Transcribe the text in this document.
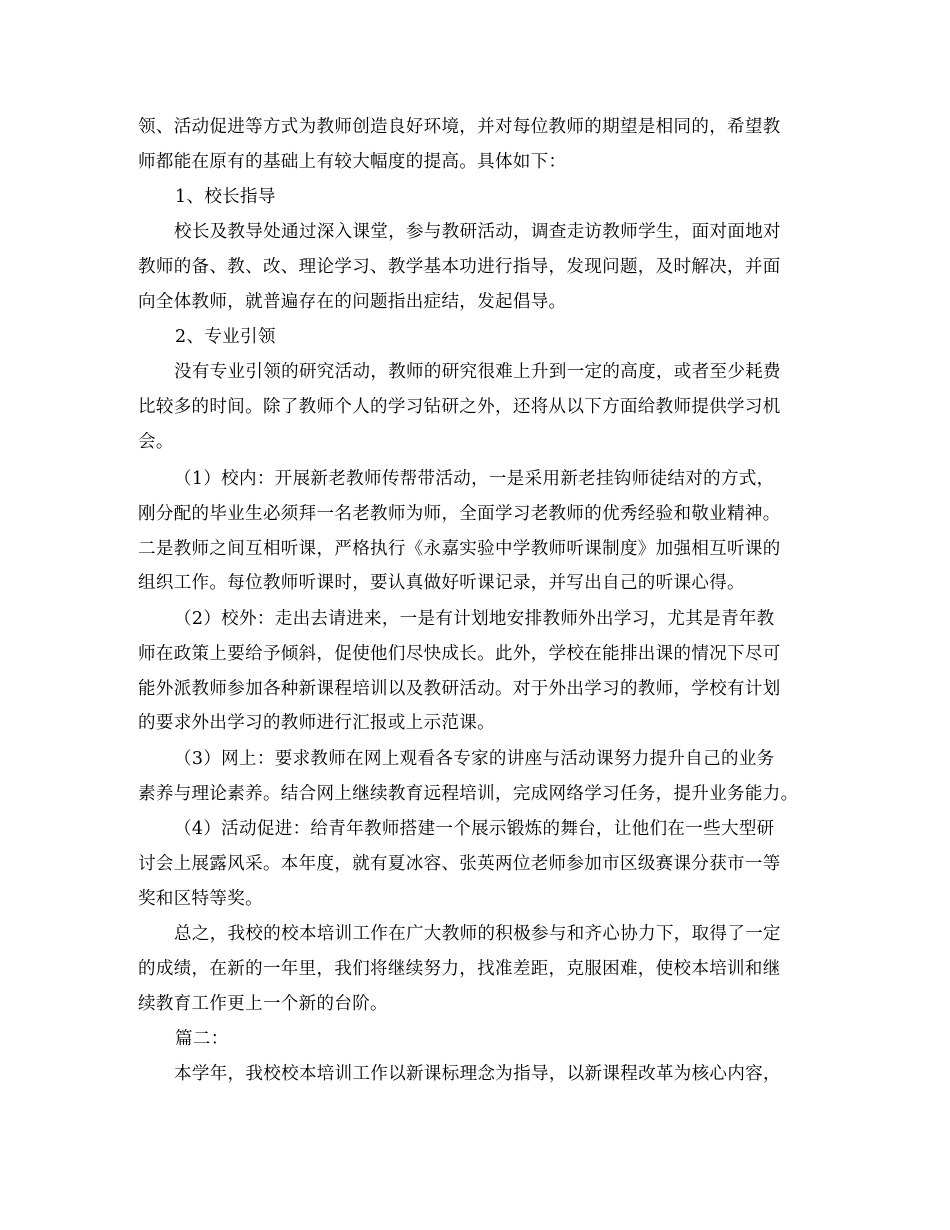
领、活动促进等方式为教师创造良好环境，并对每位教师的期望是相同的，希望教
师都能在原有的基础上有较大幅度的提高。具体如下：
1、校长指导
校长及教导处通过深入课堂，参与教研活动，调查走访教师学生，面对面地对
教师的备、教、改、理论学习、教学基本功进行指导，发现问题，及时解决，并面
向全体教师，就普遍存在的问题指出症结，发起倡导。
2、专业引领
没有专业引领的研究活动，教师的研究很难上升到一定的高度，或者至少耗费
比较多的时间。除了教师个人的学习钻研之外，还将从以下方面给教师提供学习机
会。
（1）校内：开展新老教师传帮带活动，一是采用新老挂钩师徒结对的方式，
刚分配的毕业生必须拜一名老教师为师，全面学习老教师的优秀经验和敬业精神。
二是教师之间互相听课，严格执行《永嘉实验中学教师听课制度》加强相互听课的
组织工作。每位教师听课时，要认真做好听课记录，并写出自己的听课心得。
（2）校外：走出去请进来，一是有计划地安排教师外出学习，尤其是青年教
师在政策上要给予倾斜，促使他们尽快成长。此外，学校在能排出课的情况下尽可
能外派教师参加各种新课程培训以及教研活动。对于外出学习的教师，学校有计划
的要求外出学习的教师进行汇报或上示范课。
（3）网上：要求教师在网上观看各专家的讲座与活动课努力提升自己的业务
素养与理论素养。结合网上继续教育远程培训，完成网络学习任务，提升业务能力。
（4）活动促进：给青年教师搭建一个展示锻炼的舞台，让他们在一些大型研
讨会上展露风采。本年度，就有夏冰容、张英两位老师参加市区级赛课分获市一等
奖和区特等奖。
总之，我校的校本培训工作在广大教师的积极参与和齐心协力下，取得了一定
的成绩，在新的一年里，我们将继续努力，找准差距，克服困难，使校本培训和继
续教育工作更上一个新的台阶。
篇二：
本学年，我校校本培训工作以新课标理念为指导，以新课程改革为核心内容，
